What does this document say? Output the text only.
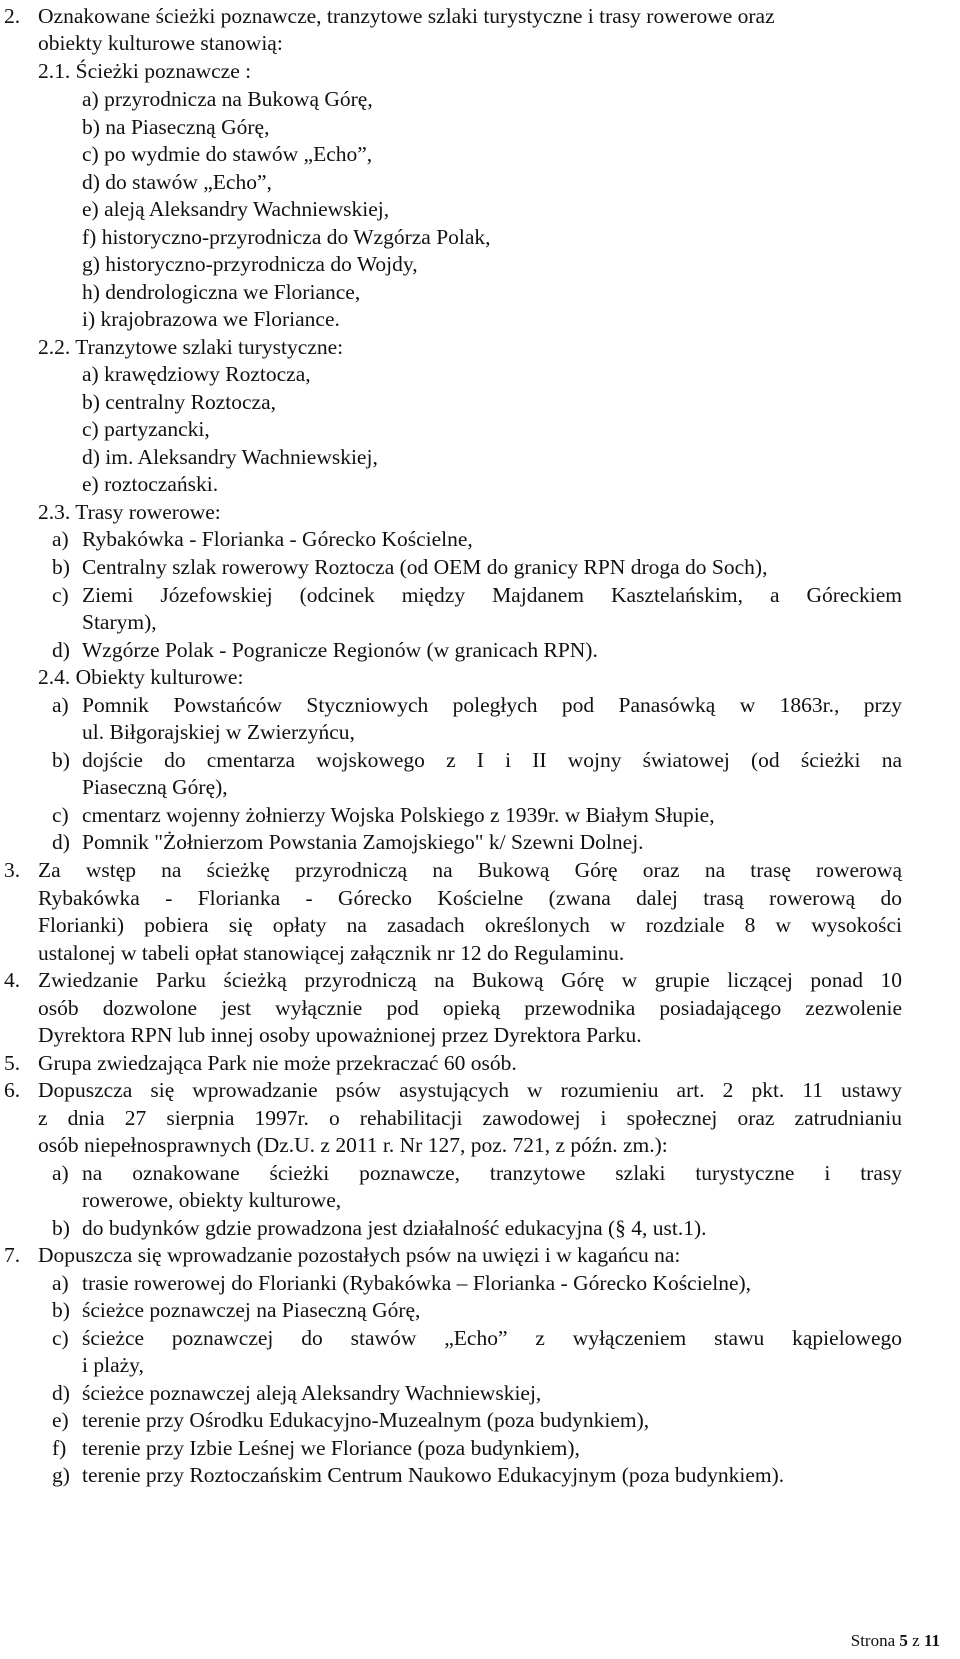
2. Oznakowane ścieżki poznawcze, tranzytowe szlaki turystyczne i trasy rowerowe oraz
obiekty kulturowe stanowią:
2.1. Ścieżki poznawcze :
a) przyrodnicza na Bukową Górę,
b) na Piaseczną Górę,
c) po wydmie do stawów „Echo”,
d) do stawów „Echo”,
e) aleją Aleksandry Wachniewskiej,
f) historyczno-przyrodnicza do Wzgórza Polak,
g) historyczno-przyrodnicza do Wojdy,
h) dendrologiczna we Floriance,
i) krajobrazowa we Floriance.
2.2. Tranzytowe szlaki turystyczne:
a) krawędziowy Roztocza,
b) centralny Roztocza,
c) partyzancki,
d) im. Aleksandry Wachniewskiej,
e) roztoczański.
2.3. Trasy rowerowe:
a) Rybakówka - Florianka - Górecko Kościelne,
b) Centralny szlak rowerowy Roztocza (od OEM do granicy RPN droga do Soch),
c) Ziemi Józefowskiej (odcinek między Majdanem Kasztelańskim, a Góreckiem
Starym),
d) Wzgórze Polak - Pogranicze Regionów (w granicach RPN).
2.4. Obiekty kulturowe:
a) Pomnik Powstańców Styczniowych poległych pod Panasówką w 1863r., przy
ul. Biłgorajskiej w Zwierzyńcu,
b) dojście do cmentarza wojskowego z I i II wojny światowej (od ścieżki na
Piaseczną Górę),
c) cmentarz wojenny żołnierzy Wojska Polskiego z 1939r. w Białym Słupie,
d) Pomnik "Żołnierzom Powstania Zamojskiego" k/ Szewni Dolnej.
3. Za wstęp na ścieżkę przyrodniczą na Bukową Górę oraz na trasę rowerową
Rybakówka - Florianka - Górecko Kościelne (zwana dalej trasą rowerową do
Florianki) pobiera się opłaty na zasadach określonych w rozdziale 8 w wysokości
ustalonej w tabeli opłat stanowiącej załącznik nr 12 do Regulaminu.
4. Zwiedzanie Parku ścieżką przyrodniczą na Bukową Górę w grupie liczącej ponad 10
osób dozwolone jest wyłącznie pod opieką przewodnika posiadającego zezwolenie
Dyrektora RPN lub innej osoby upoważnionej przez Dyrektora Parku.
5. Grupa zwiedzająca Park nie może przekraczać 60 osób.
6. Dopuszcza się wprowadzanie psów asystujących w rozumieniu art. 2 pkt. 11 ustawy
z dnia 27 sierpnia 1997r. o rehabilitacji zawodowej i społecznej oraz zatrudnianiu
osób niepełnosprawnych (Dz.U. z 2011 r. Nr 127, poz. 721, z późn. zm.):
a) na oznakowane ścieżki poznawcze, tranzytowe szlaki turystyczne i trasy
rowerowe, obiekty kulturowe,
b) do budynków gdzie prowadzona jest działalność edukacyjna (§ 4, ust.1).
7. Dopuszcza się wprowadzanie pozostałych psów na uwięzi i w kagańcu na:
a) trasie rowerowej do Florianki (Rybakówka – Florianka - Górecko Kościelne),
b) ścieżce poznawczej na Piaseczną Górę,
c) ścieżce poznawczej do stawów „Echo” z wyłączeniem stawu kąpielowego
i plaży,
d) ścieżce poznawczej aleją Aleksandry Wachniewskiej,
e) terenie przy Ośrodku Edukacyjno-Muzealnym (poza budynkiem),
f) terenie przy Izbie Leśnej we Floriance (poza budynkiem),
g) terenie przy Roztoczańskim Centrum Naukowo Edukacyjnym (poza budynkiem).
Strona 5 z 11
